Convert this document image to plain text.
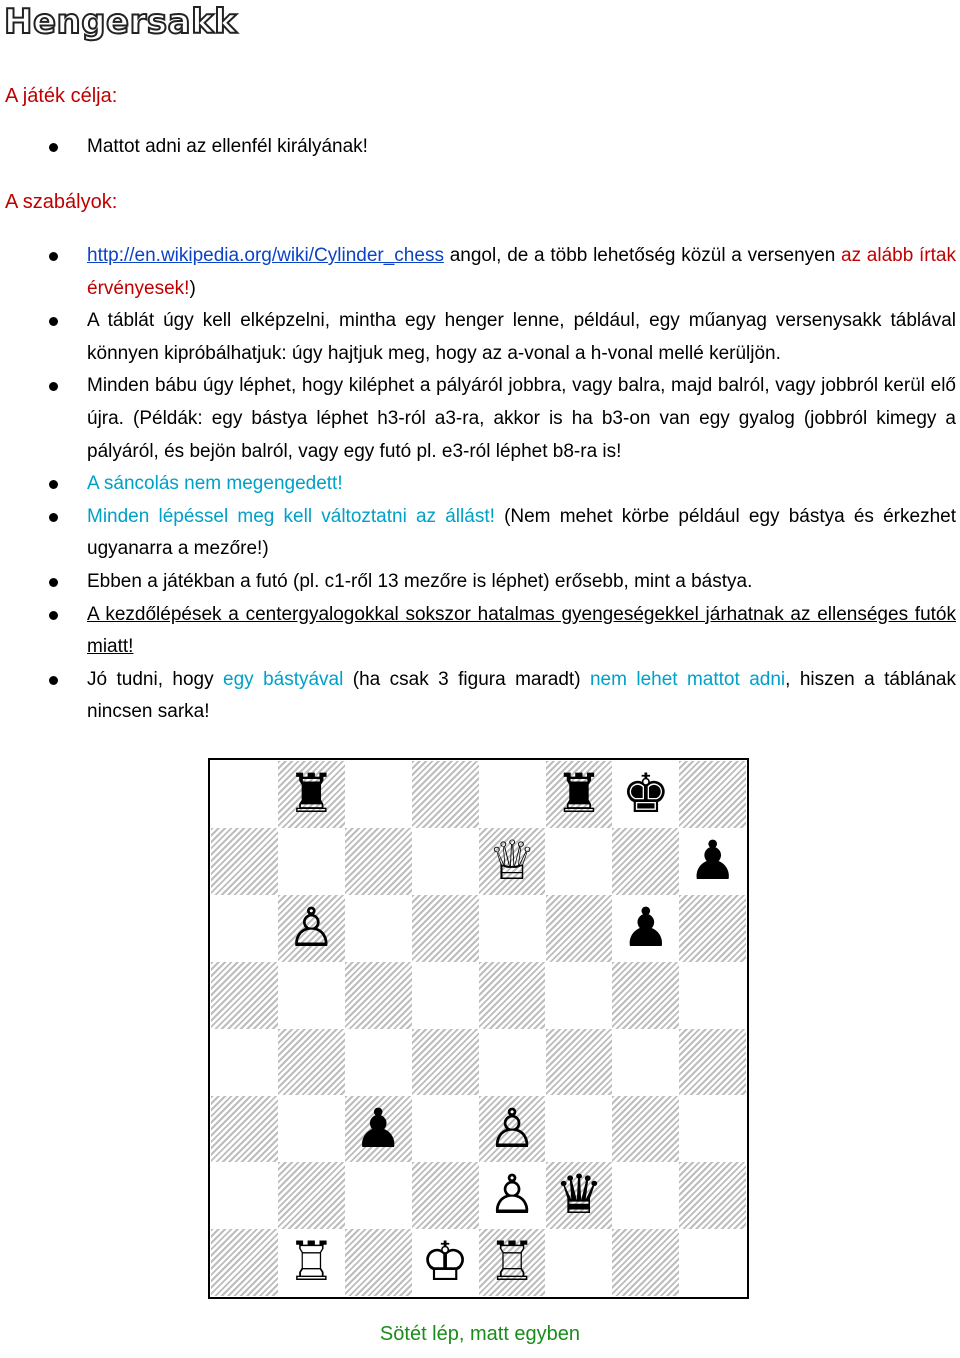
Hengersakk

A játék célja:

Mattot adni az ellenfél királyának!

A szabályok:

http://en.wikipedia.org/wiki/Cylinder_chess angol, de a több lehetőség közül a versenyen az alább írtak érvényesek!)
A táblát úgy kell elképzelni, mintha egy henger lenne, például, egy műanyag versenysakk táblával könnyen kipróbálhatjuk: úgy hajtjuk meg, hogy az a-vonal a h-vonal mellé kerüljön.
Minden bábu úgy léphet, hogy kiléphet a pályáról jobbra, vagy balra, majd balról, vagy jobbról kerül elő újra. (Példák: egy bástya léphet h3-ról a3-ra, akkor is ha b3-on van egy gyalog (jobbról kimegy a pályáról, és bejön balról, vagy egy futó pl. e3-ról léphet b8-ra is!
A sáncolás nem megengedett!
Minden lépéssel meg kell változtatni az állást! (Nem mehet körbe például egy bástya és érkezhet ugyanarra a mezőre!)
Ebben a játékban a futó (pl. c1-ről 13 mezőre is léphet) erősebb, mint a bástya.
A kezdőlépések a centergyalogokkal sokszor hatalmas gyengeségekkel járhatnak az ellenséges futók miatt!
Jó tudni, hogy egy bástyával (ha csak 3 figura maradt) nem lehet mattot adni, hiszen a táblának nincsen sarka!
♜	♜ ♚
♕	♟
♙	♟
♟ ♙
♙ ♛
♖ ♔ ♖

Sötét lép, matt egyben
